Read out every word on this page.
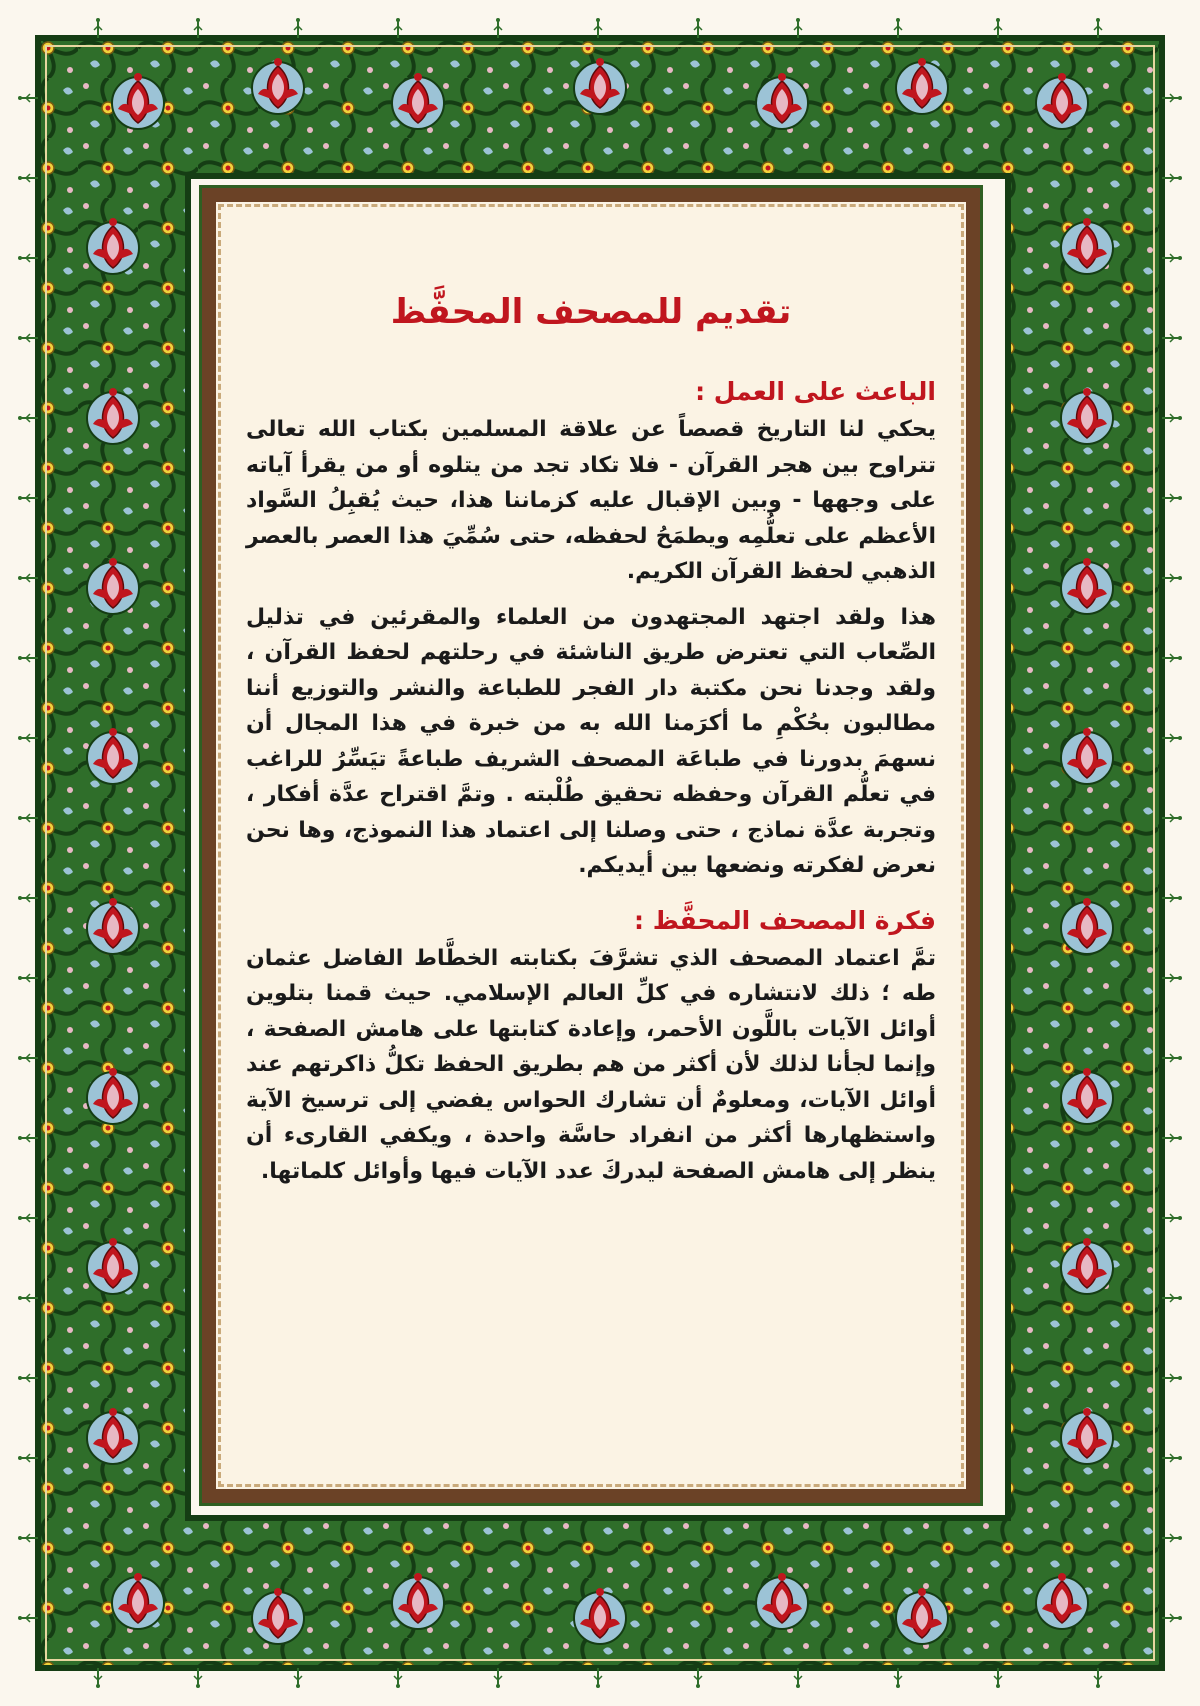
تقديم للمصحف المحفَّظ
الباعث على العمل :

يحكي لنا التاريخ قصصاً عن علاقة المسلمين بكتاب الله تعالى تتراوح بين هجر القرآن - فلا تكاد تجد من يتلوه أو من يقرأ آياته على وجهها - وبين الإقبال عليه كزماننا هذا، حيث يُقبِلُ السَّواد الأعظم على تعلُّمِه ويطمَحُ لحفظه، حتى سُمِّيَ هذا العصر بالعصر الذهبي لحفظ القرآن الكريم.

هذا ولقد اجتهد المجتهدون من العلماء والمقرئين في تذليل الصِّعاب التي تعترض طريق الناشئة في رحلتهم لحفظ القرآن ، ولقد وجدنا نحن مكتبة دار الفجر للطباعة والنشر والتوزيع أننا مطالبون بحُكْمِ ما أكرَمنا الله به من خبرة في هذا المجال أن نسهمَ بدورنا في طباعَة المصحف الشريف طباعةً تيَسِّرُ للراغب في تعلُّم القرآن وحفظه تحقيق طُلْبته . وتمَّ اقتراح عدَّة أفكار ، وتجربة عدَّة نماذج ، حتى وصلنا إلى اعتماد هذا النموذج، وها نحن نعرض لفكرته ونضعها بين أيديكم.

فكرة المصحف المحفَّظ :

تمَّ اعتماد المصحف الذي تشرَّفَ بكتابته الخطَّاط الفاضل عثمان طه ؛ ذلك لانتشاره في كلِّ العالم الإسلامي. حيث قمنا بتلوين أوائل الآيات باللَّون الأحمر، وإعادة كتابتها على هامش الصفحة ، وإنما لجأنا لذلك لأن أكثر من هم بطريق الحفظ تكلُّ ذاكرتهم عند أوائل الآيات، ومعلومٌ أن تشارك الحواس يفضي إلى ترسيخ الآية واستظهارها أكثر من انفراد حاسَّة واحدة ، ويكفي القارىء أن ينظر إلى هامش الصفحة ليدركَ عدد الآيات فيها وأوائل كلماتها.
